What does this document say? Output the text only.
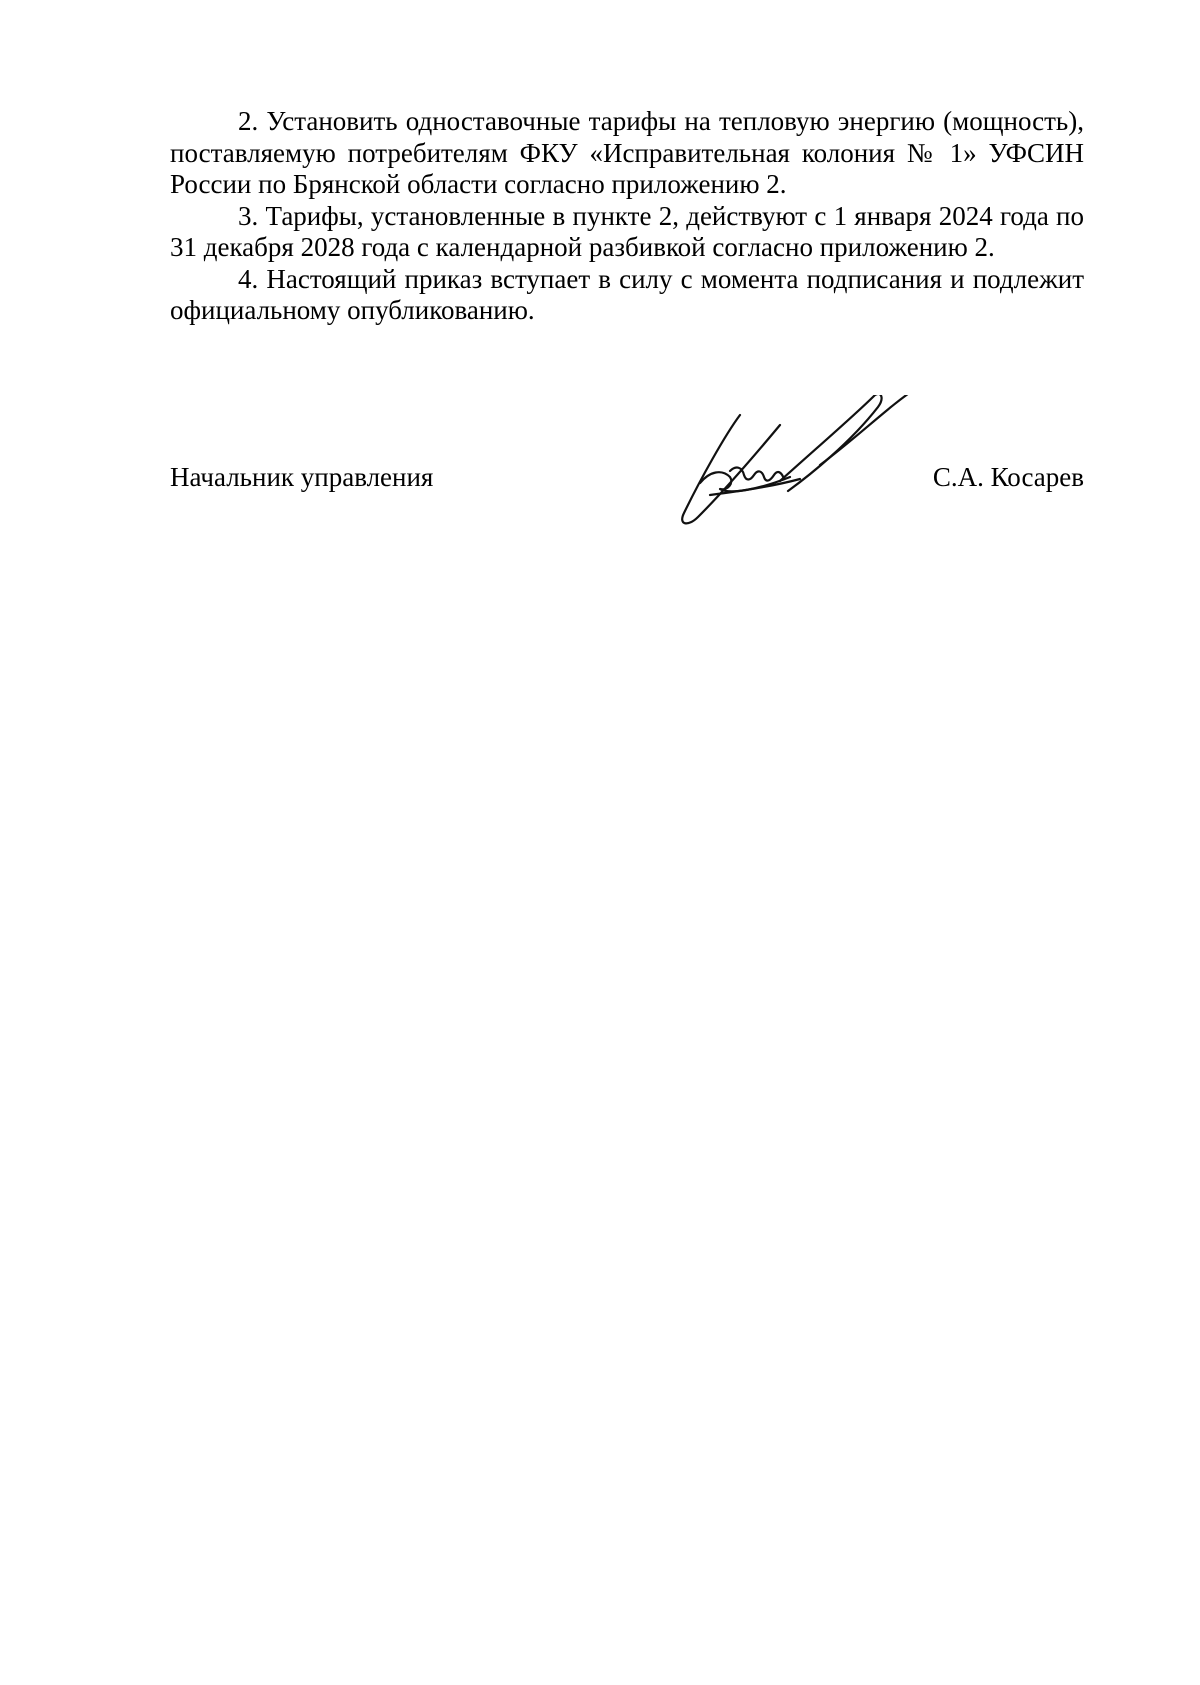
2. Установить одноставочные тарифы на тепловую энергию (мощность), поставляемую потребителям ФКУ «Исправительная колония № 1» УФСИН России по Брянской области согласно приложению 2.

3. Тарифы, установленные в пункте 2, действуют с 1 января 2024 года по 31 декабря 2028 года с календарной разбивкой согласно приложению 2.

4. Настоящий приказ вступает в силу с момента подписания и подлежит официальному опубликованию.

Начальник управления	С.А. Косарев
